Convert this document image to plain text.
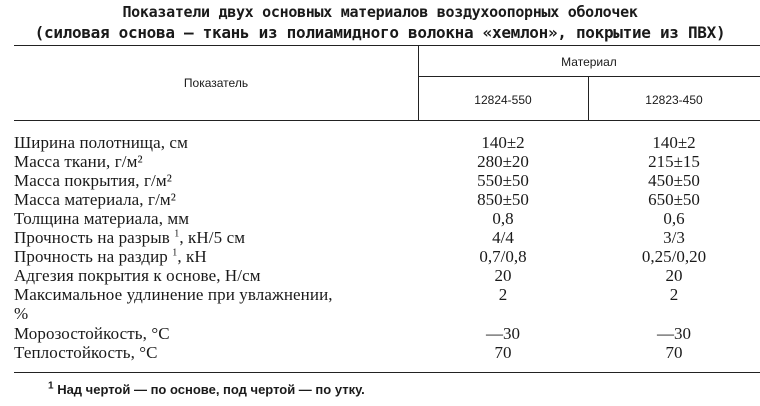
Показатели двух основных материалов воздухоопорных оболочек
(силовая основа — ткань из полиамидного волокна «хемлон», покрытие из ПВХ)
Показатель
Материал
12824-550	12823-450
Ширина полотнища, см	140±2	140±2
Масса ткани, г/м²	280±20	215±15
Масса покрытия, г/м²	550±50	450±50
Масса материала, г/м²	850±50	650±50
Толщина материала, мм	0,8	0,6
Прочность на разрыв $^1$, кН/5 см	4/4	3/3
Прочность на раздир $^1$, кН	0,7/0,8	0,25/0,20
Адгезия покрытия к основе, Н/см	20	20
Максимальное удлинение при увлажнении,	2	2
%
Морозостойкость, °С	—30	—30
Теплостойкость, °С	70	70
$^1$ Над чертой — по основе, под чертой — по утку.
